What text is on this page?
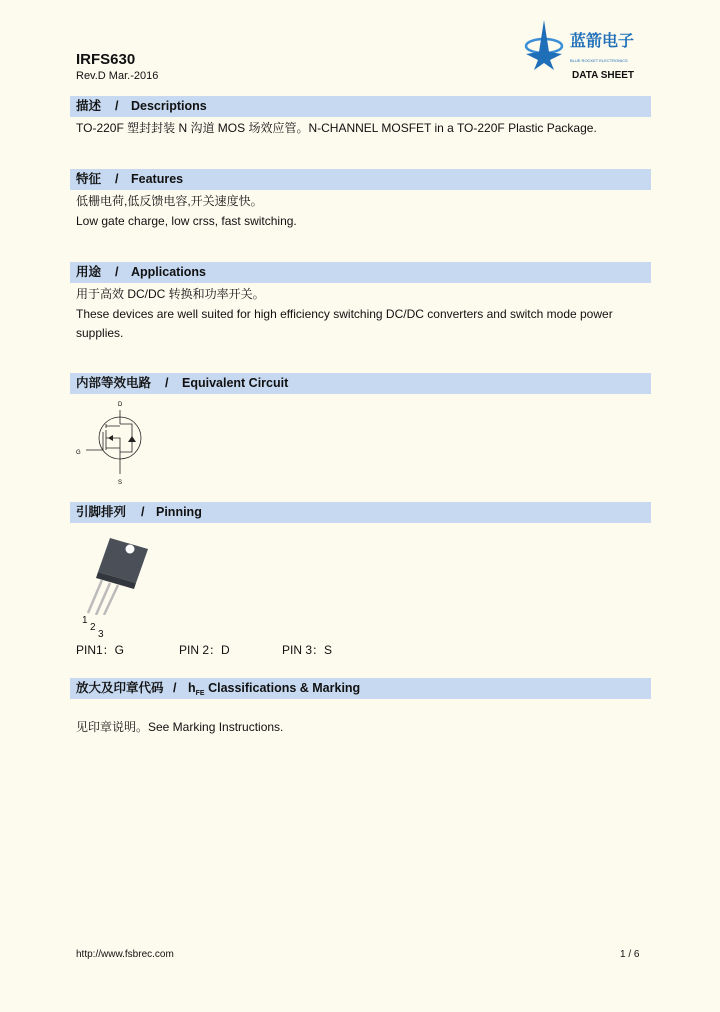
IRFS630
Rev.D Mar.-2016
蓝箭电子
BLUE ROCKET ELECTRONICS
DATA SHEET
描述 / Descriptions
TO-220F 塑封封装 N 沟道 MOS 场效应管。N-CHANNEL MOSFET in a TO-220F Plastic Package.
特征 / Features
低栅电荷,低反馈电容,开关速度快。
Low gate charge, low crss, fast switching.
用途 / Applications
用于高效 DC/DC 转换和功率开关。
These devices are well suited for high efficiency switching DC/DC converters and switch mode power
supplies.
内部等效电路 / Equivalent Circuit
D
G
S
引脚排列 / Pinning
1
2
3
PIN1：G	PIN 2：D	PIN 3：S
放大及印章代码 / $h_{FE}$ Classifications & Marking
见印章说明。See Marking Instructions.
http://www.fsbrec.com	1 / 6
